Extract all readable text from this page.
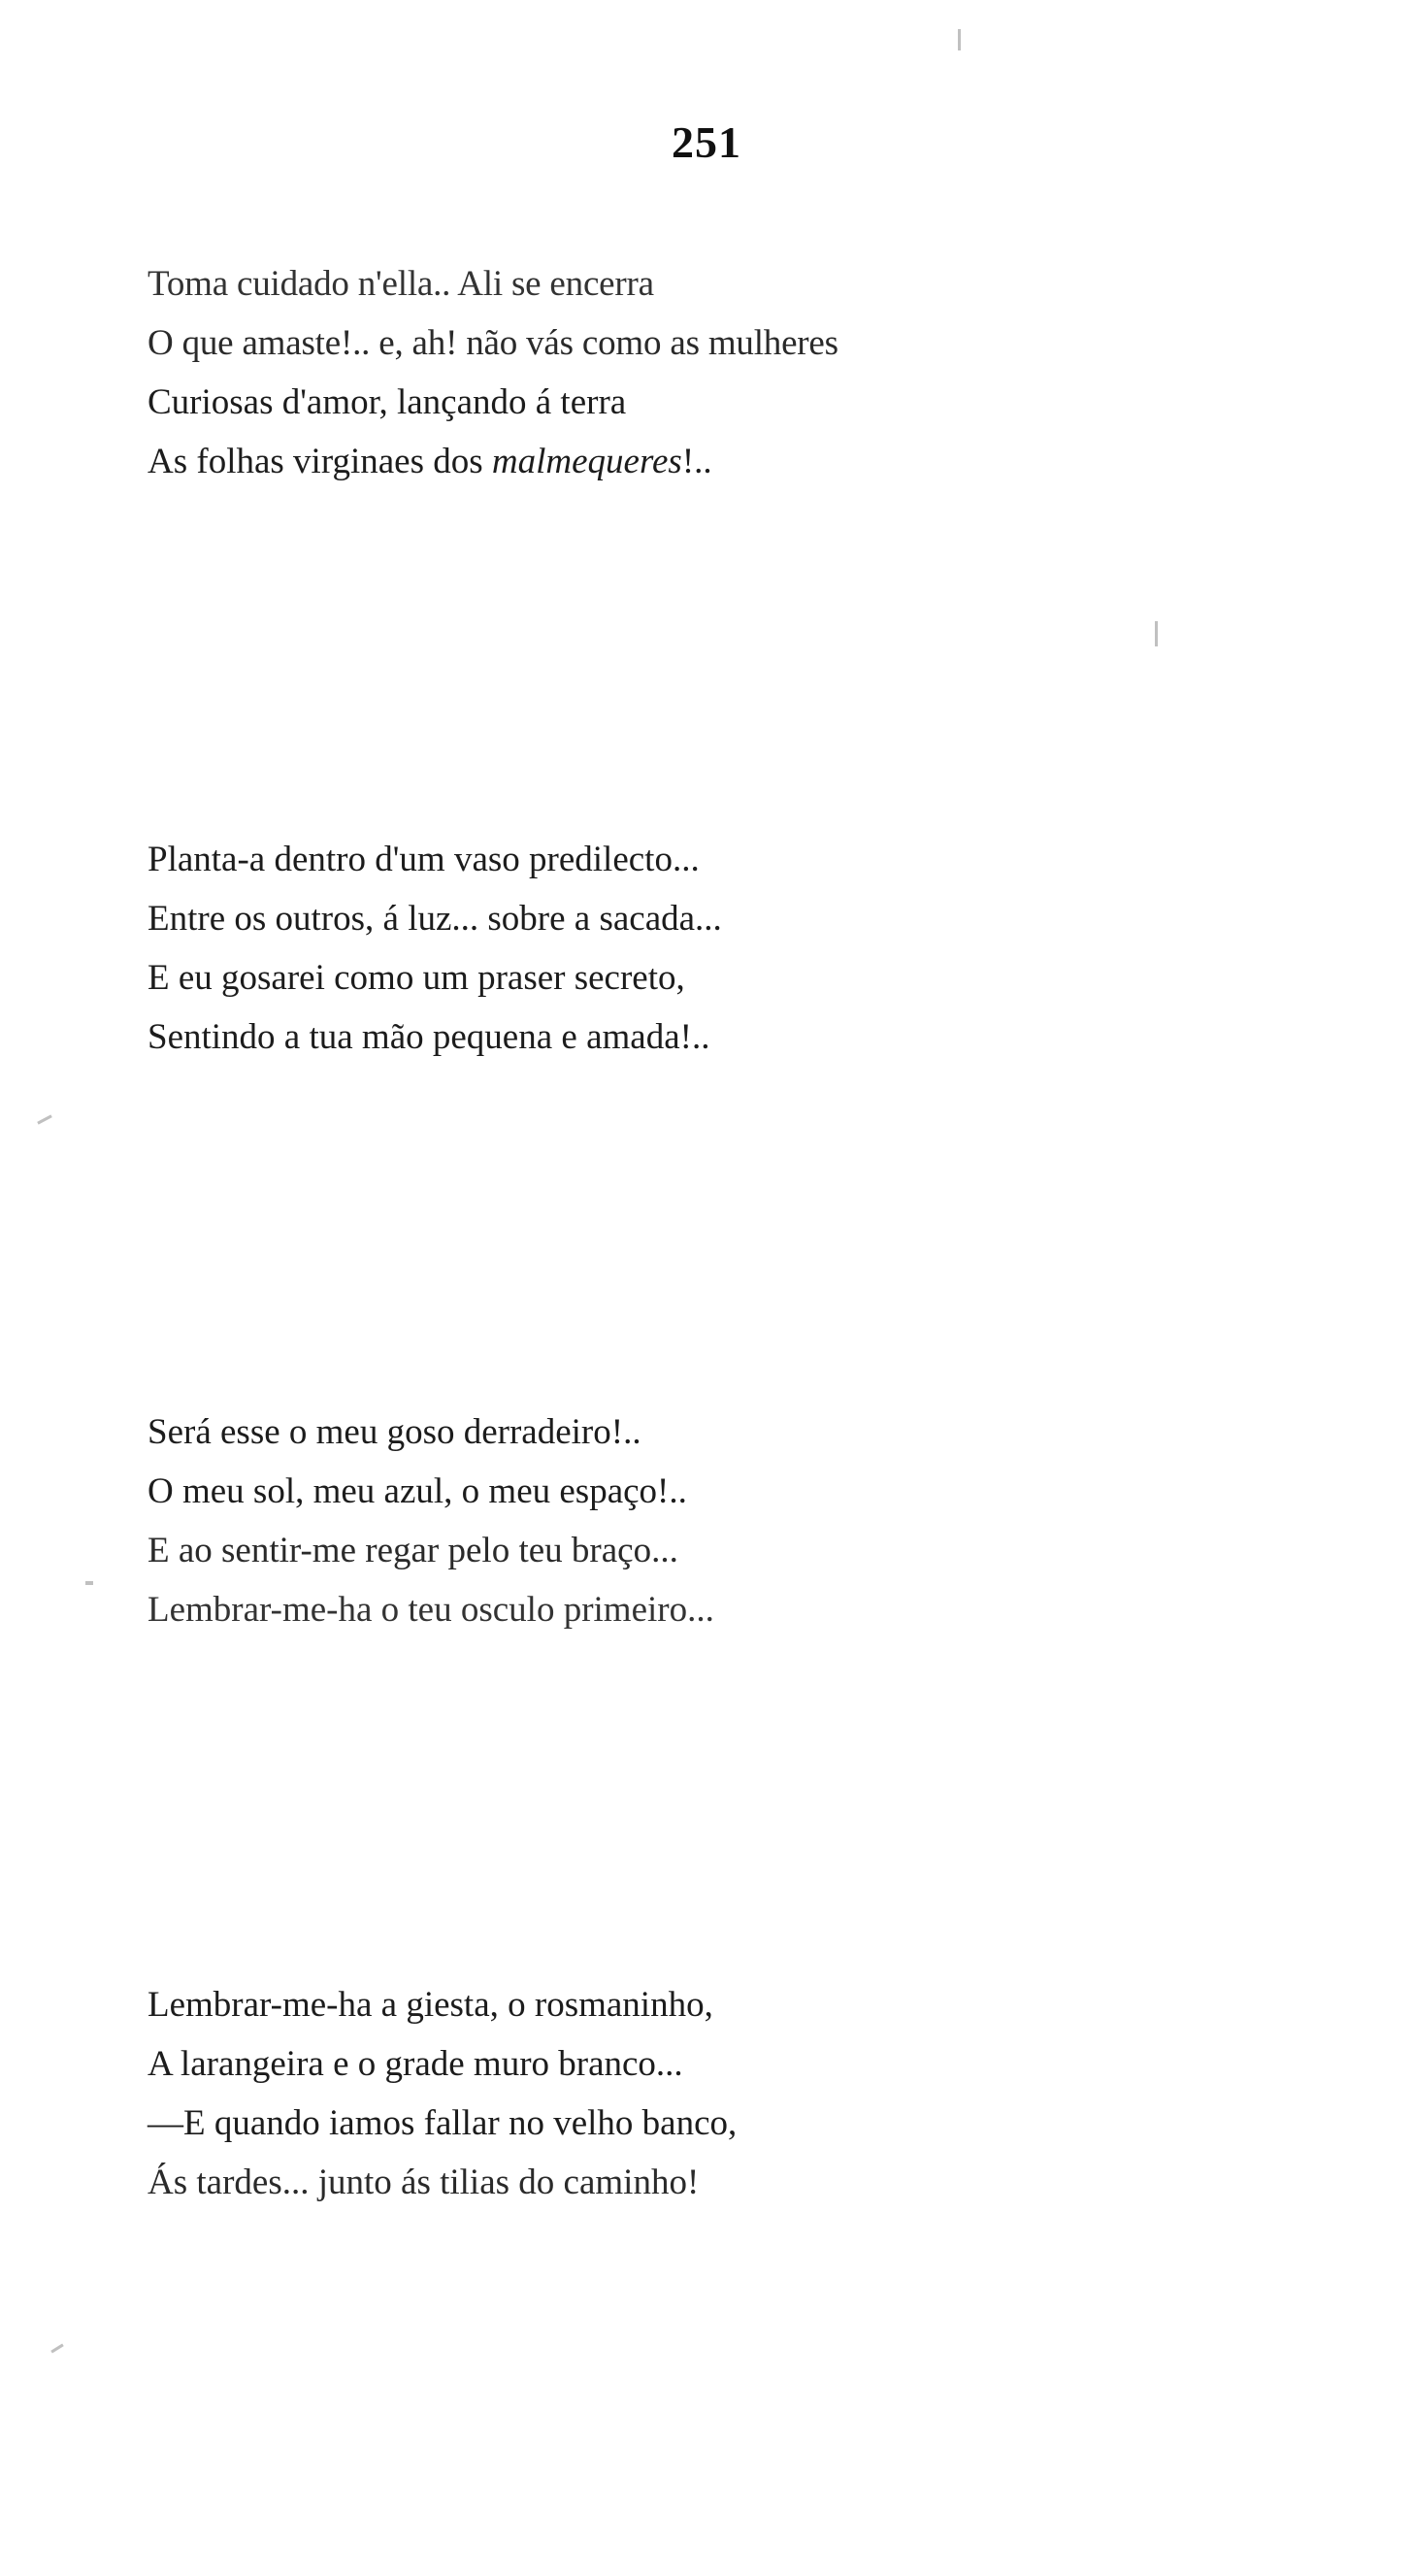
251
Toma cuidado n'ella.. Ali se encerra
O que amaste!.. e, ah! não vás como as mulheres
Curiosas d'amor, lançando á terra
As folhas virginaes dos malmequeres!..
Planta-a dentro d'um vaso predilecto...
Entre os outros, á luz... sobre a sacada...
E eu gosarei como um praser secreto,
Sentindo a tua mão pequena e amada!..
Será esse o meu goso derradeiro!..
O meu sol, meu azul, o meu espaço!..
E ao sentir-me regar pelo teu braço...
Lembrar-me-ha o teu osculo primeiro...
Lembrar-me-ha a giesta, o rosmaninho,
A larangeira e o grade muro branco...
—E quando iamos fallar no velho banco,
Ás tardes... junto ás tilias do caminho!
